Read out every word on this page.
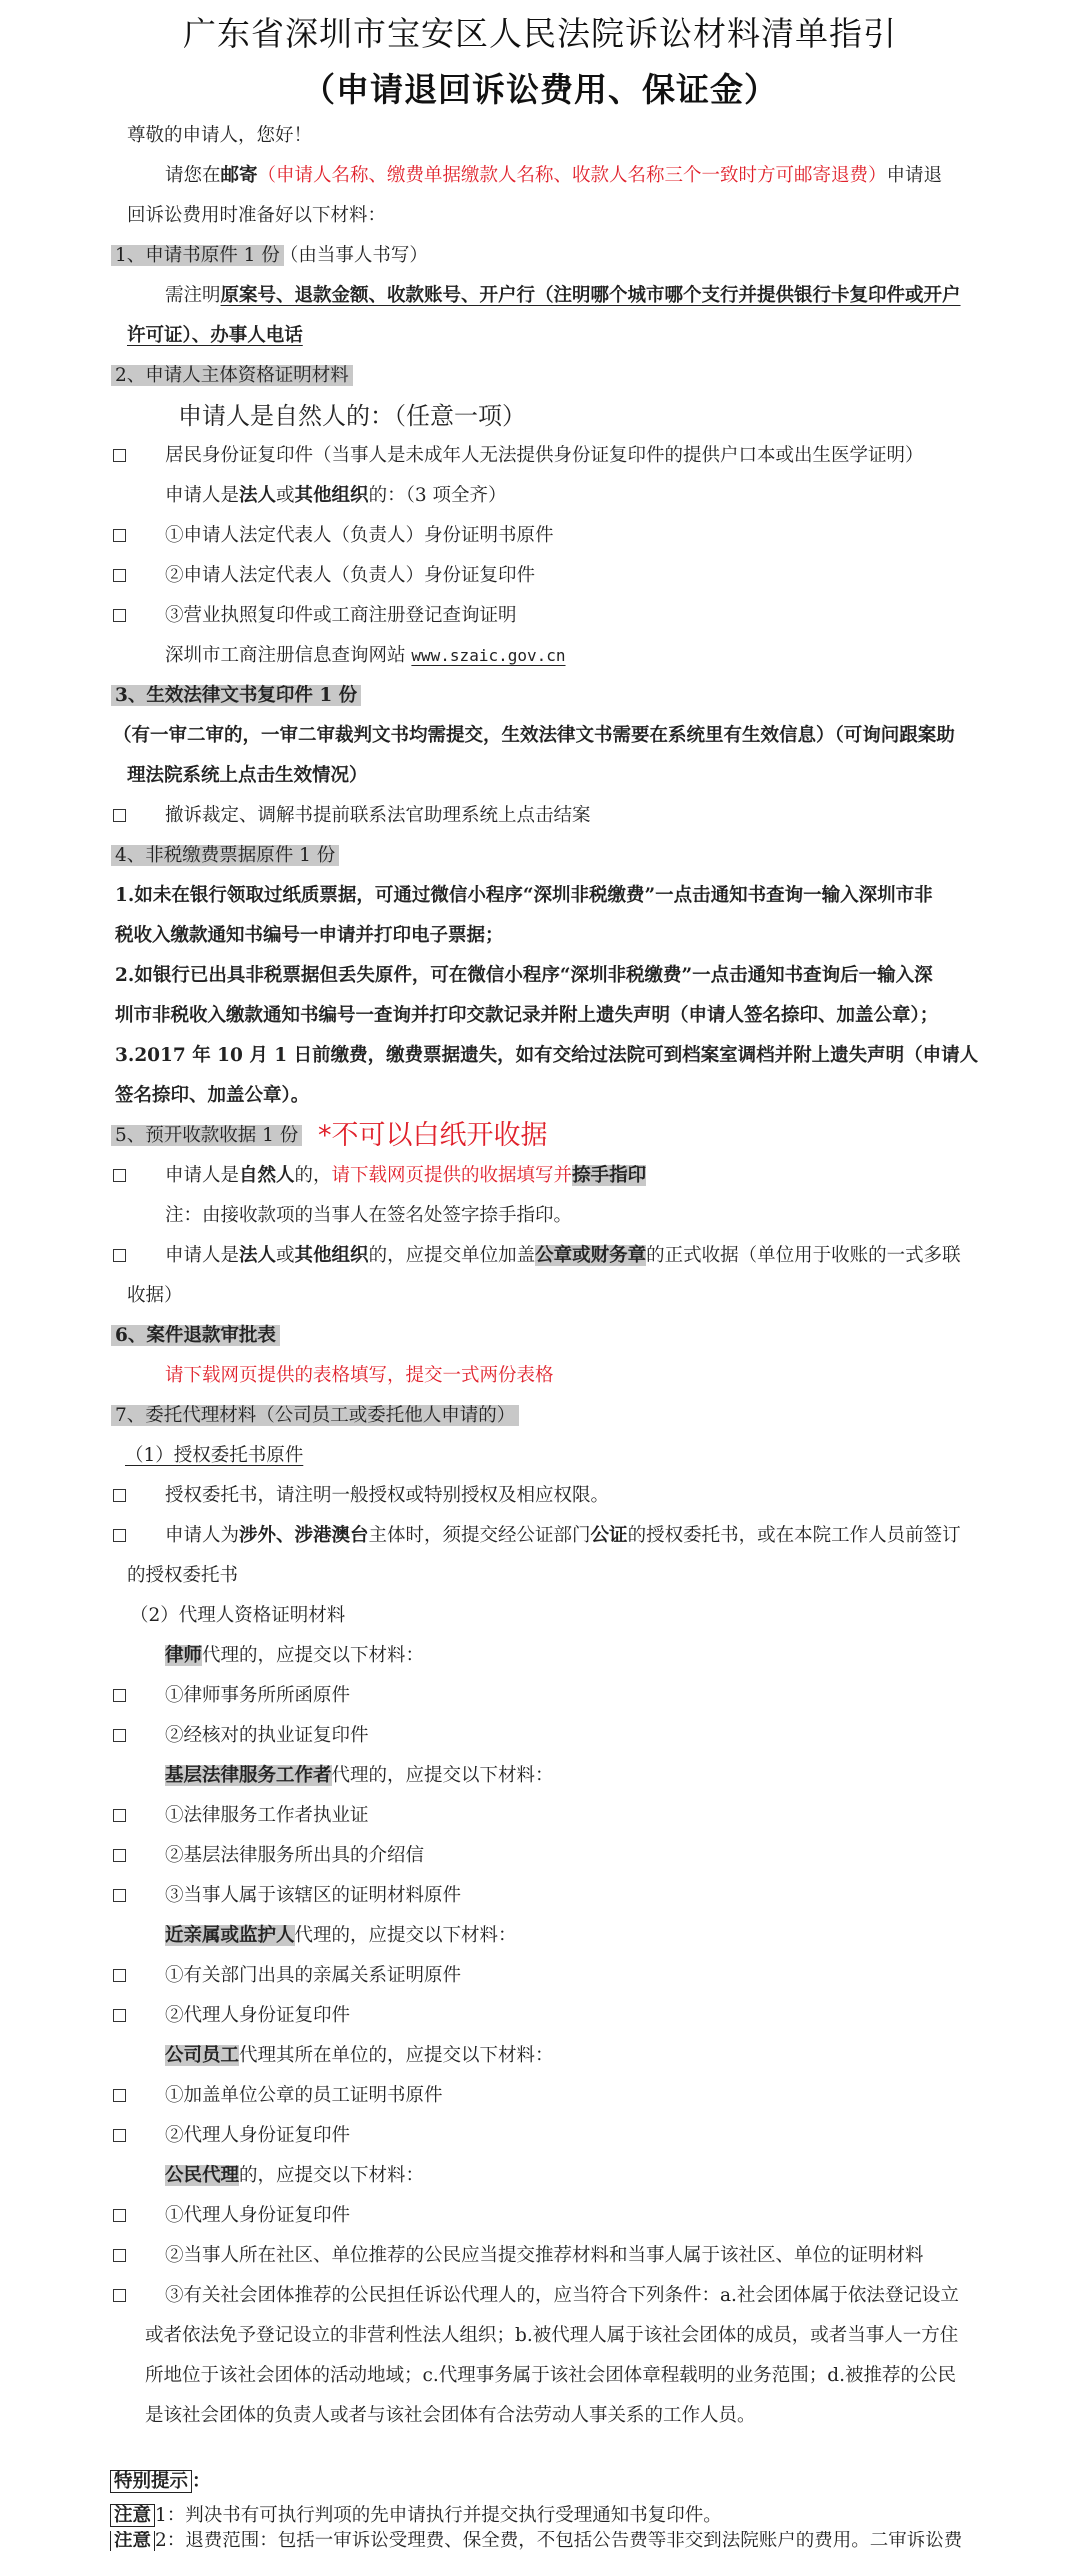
广东省深圳市宝安区人民法院诉讼材料清单指引
（申请退回诉讼费用、保证金）
尊敬的申请人，您好！
请您在邮寄（申请人名称、缴费单据缴款人名称、收款人名称三个一致时方可邮寄退费）申请退
回诉讼费用时准备好以下材料：
1、申请书原件 1 份（由当事人书写）
需注明原案号、退款金额、收款账号、开户行（注明哪个城市哪个支行并提供银行卡复印件或开户
许可证）、办事人电话
2、申请人主体资格证明材料
申请人是自然人的：（任意一项）
居民身份证复印件（当事人是未成年人无法提供身份证复印件的提供户口本或出生医学证明）
申请人是法人或其他组织的：（3 项全齐）
①申请人法定代表人（负责人）身份证明书原件
②申请人法定代表人（负责人）身份证复印件
③营业执照复印件或工商注册登记查询证明
深圳市工商注册信息查询网站 www.szaic.gov.cn
3、生效法律文书复印件 1 份
（有一审二审的，一审二审裁判文书均需提交，生效法律文书需要在系统里有生效信息）（可询问跟案助
理法院系统上点击生效情况）
撤诉裁定、调解书提前联系法官助理系统上点击结案
4、非税缴费票据原件 1 份
1.如未在银行领取过纸质票据，可通过微信小程序“深圳非税缴费”一点击通知书查询一输入深圳市非
税收入缴款通知书编号一申请并打印电子票据；
2.如银行已出具非税票据但丢失原件，可在微信小程序“深圳非税缴费”一点击通知书查询后一输入深
圳市非税收入缴款通知书编号一查询并打印交款记录并附上遗失声明（申请人签名捺印、加盖公章）；
3.2017 年 10 月 1 日前缴费，缴费票据遗失，如有交给过法院可到档案室调档并附上遗失声明（申请人
签名捺印、加盖公章）。
5、预开收款收据 1 份 *不可以白纸开收据
申请人是自然人的，请下载网页提供的收据填写并捺手指印
注：由接收款项的当事人在签名处签字捺手指印。
申请人是法人或其他组织的，应提交单位加盖公章或财务章的正式收据（单位用于收账的一式多联
收据）
6、案件退款审批表
请下载网页提供的表格填写，提交一式两份表格
7、委托代理材料（公司员工或委托他人申请的）
（1）授权委托书原件
授权委托书，请注明一般授权或特别授权及相应权限。
申请人为涉外、涉港澳台主体时，须提交经公证部门公证的授权委托书，或在本院工作人员前签订
的授权委托书
（2）代理人资格证明材料
律师代理的，应提交以下材料：
①律师事务所所函原件
②经核对的执业证复印件
基层法律服务工作者代理的，应提交以下材料：
①法律服务工作者执业证
②基层法律服务所出具的介绍信
③当事人属于该辖区的证明材料原件
近亲属或监护人代理的，应提交以下材料：
①有关部门出具的亲属关系证明原件
②代理人身份证复印件
公司员工代理其所在单位的，应提交以下材料：
①加盖单位公章的员工证明书原件
②代理人身份证复印件
公民代理的，应提交以下材料：
①代理人身份证复印件
②当事人所在社区、单位推荐的公民应当提交推荐材料和当事人属于该社区、单位的证明材料
③有关社会团体推荐的公民担任诉讼代理人的，应当符合下列条件：a.社会团体属于依法登记设立
或者依法免予登记设立的非营利性法人组织；b.被代理人属于该社会团体的成员，或者当事人一方住
所地位于该社会团体的活动地域；c.代理事务属于该社会团体章程载明的业务范围；d.被推荐的公民
是该社会团体的负责人或者与该社会团体有合法劳动人事关系的工作人员。
特别提示 ：
注意 1：判决书有可执行判项的先申请执行并提交执行受理通知书复印件。
注意 2：退费范围：包括一审诉讼受理费、保全费，不包括公告费等非交到法院账户的费用。二审诉讼费
